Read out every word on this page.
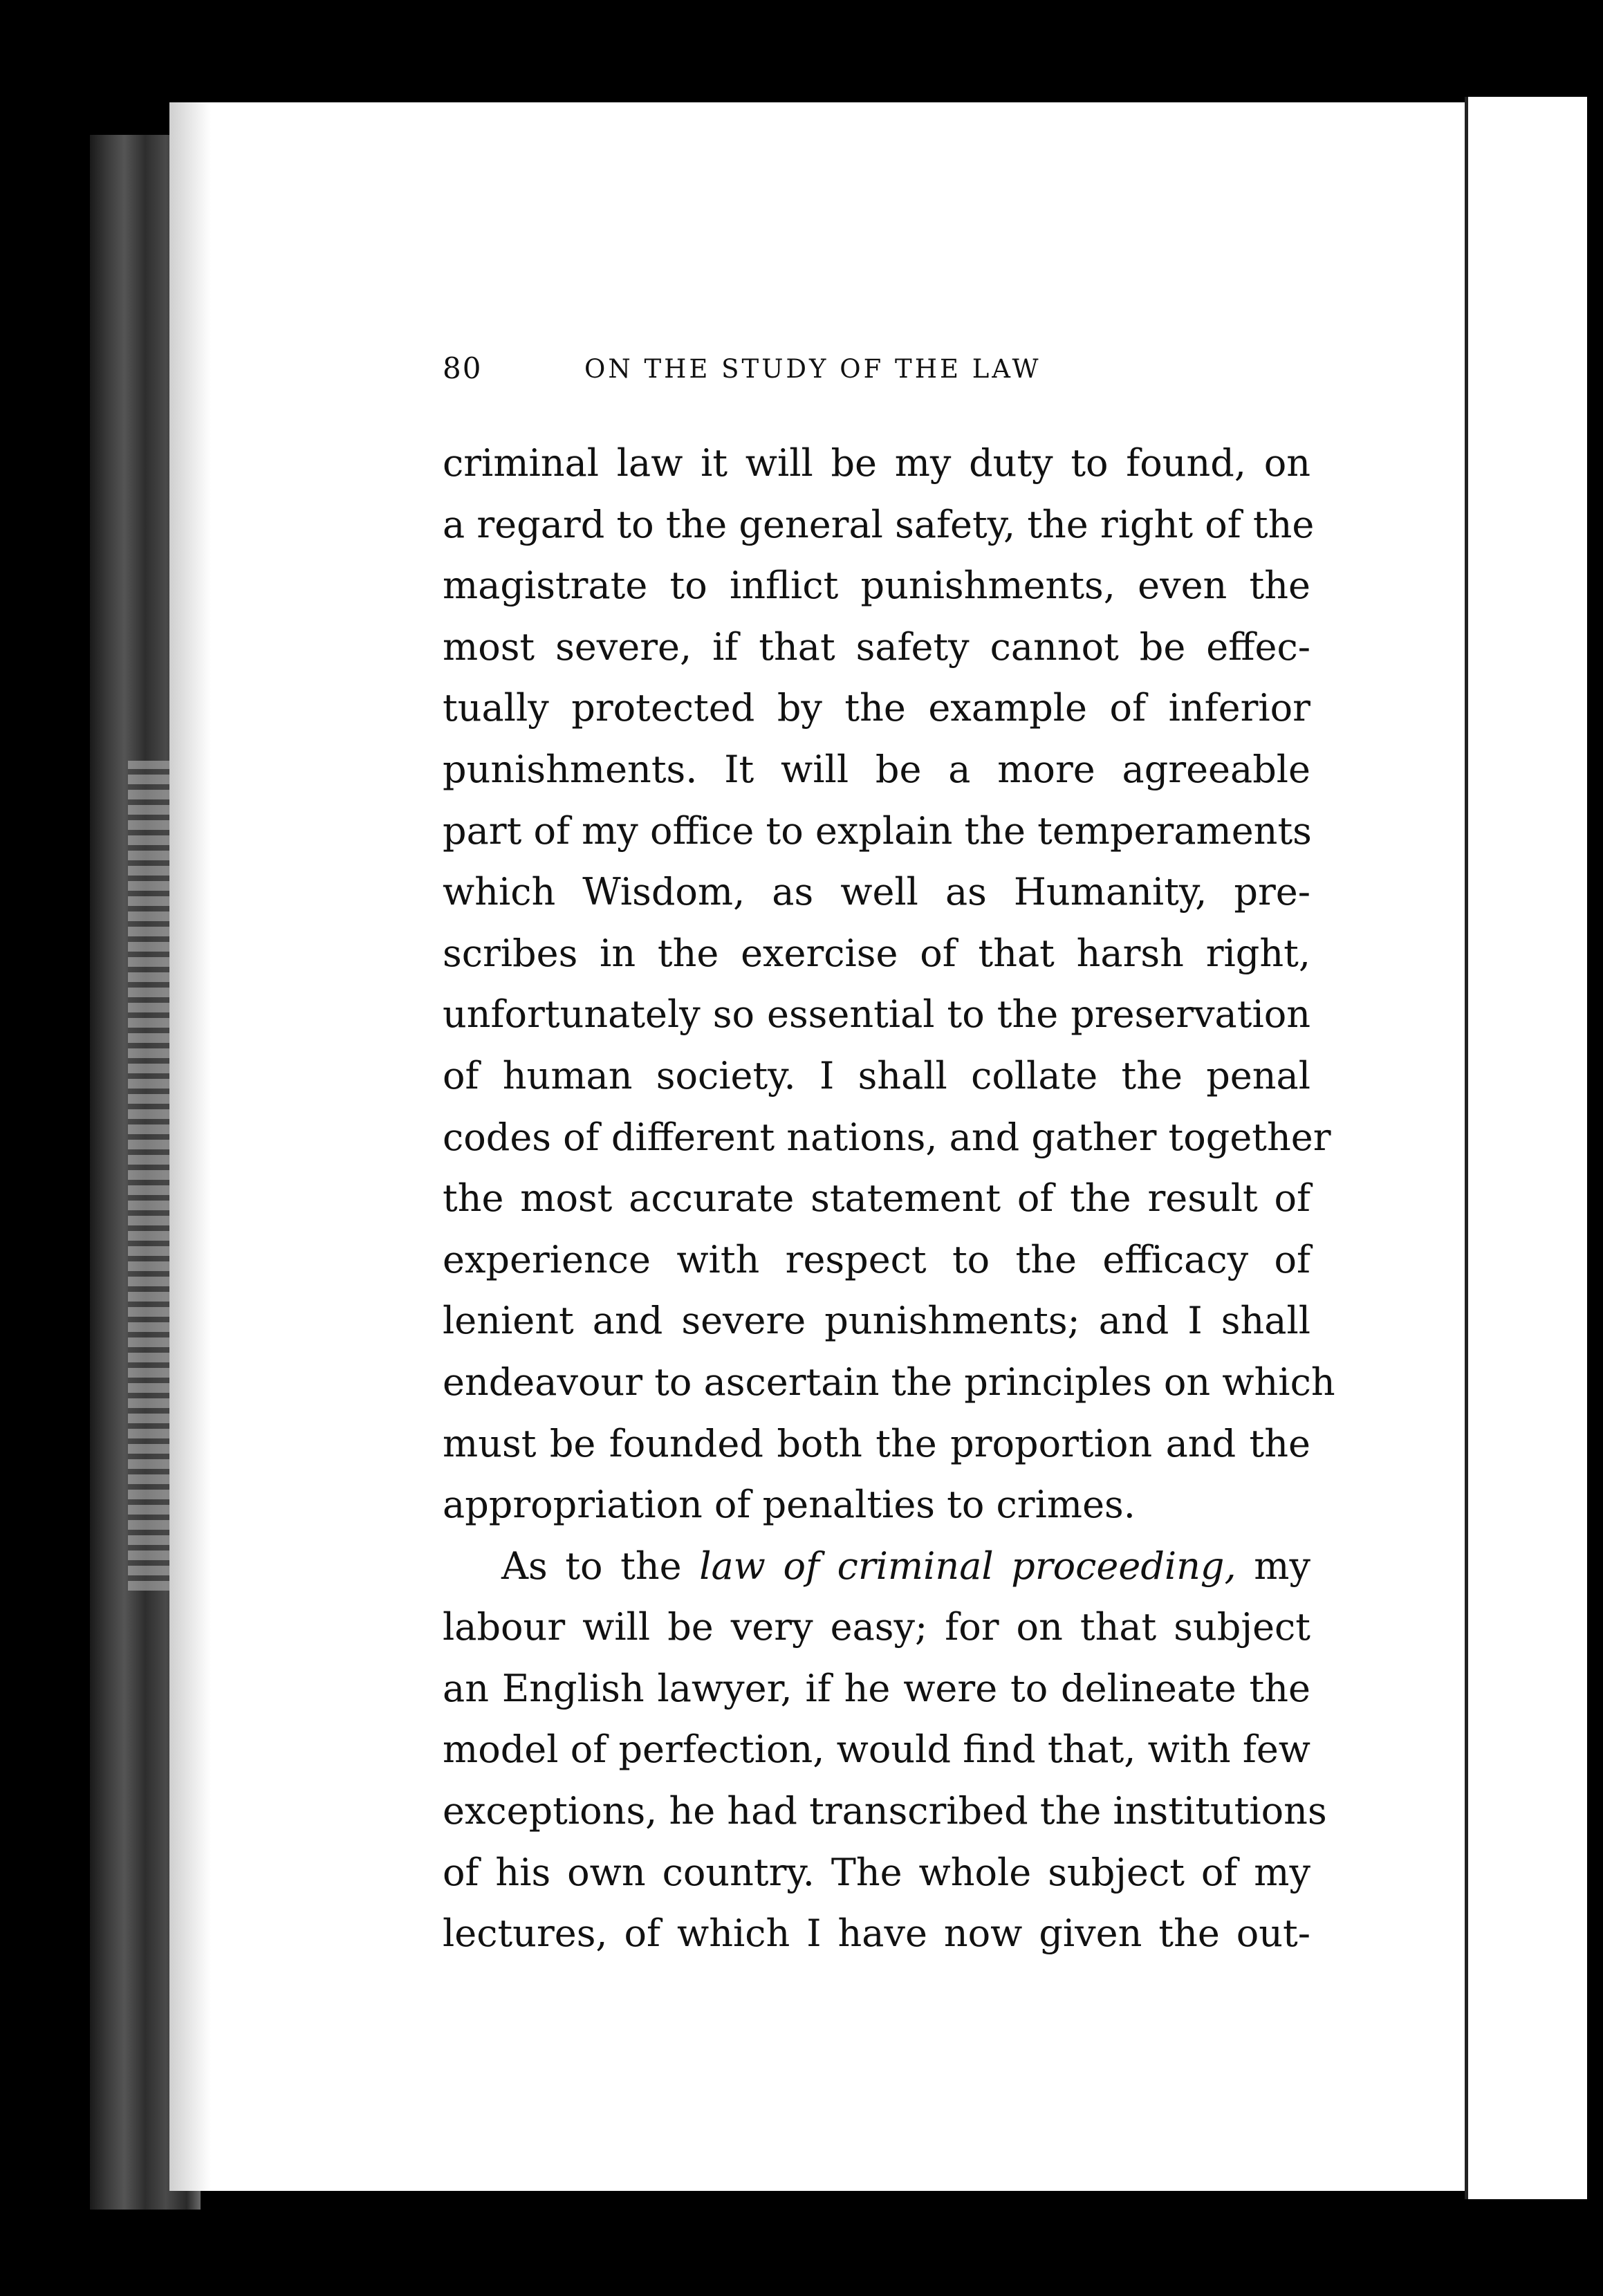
80	ON THE STUDY OF THE LAW
criminal law it will be my duty to found, on
a regard to the general safety, the right of the
magistrate to inflict punishments, even the
most severe, if that safety cannot be effec-
tually protected by the example of inferior
punishments. It will be a more agreeable
part of my office to explain the temperaments
which Wisdom, as well as Humanity, pre-
scribes in the exercise of that harsh right,
unfortunately so essential to the preservation
of human society. I shall collate the penal
codes of different nations, and gather together
the most accurate statement of the result of
experience with respect to the efficacy of
lenient and severe punishments; and I shall
endeavour to ascertain the principles on which
must be founded both the proportion and the
appropriation of penalties to crimes.
As to the law of criminal proceeding, my
labour will be very easy; for on that subject
an English lawyer, if he were to delineate the
model of perfection, would find that, with few
exceptions, he had transcribed the institutions
of his own country. The whole subject of my
lectures, of which I have now given the out-
